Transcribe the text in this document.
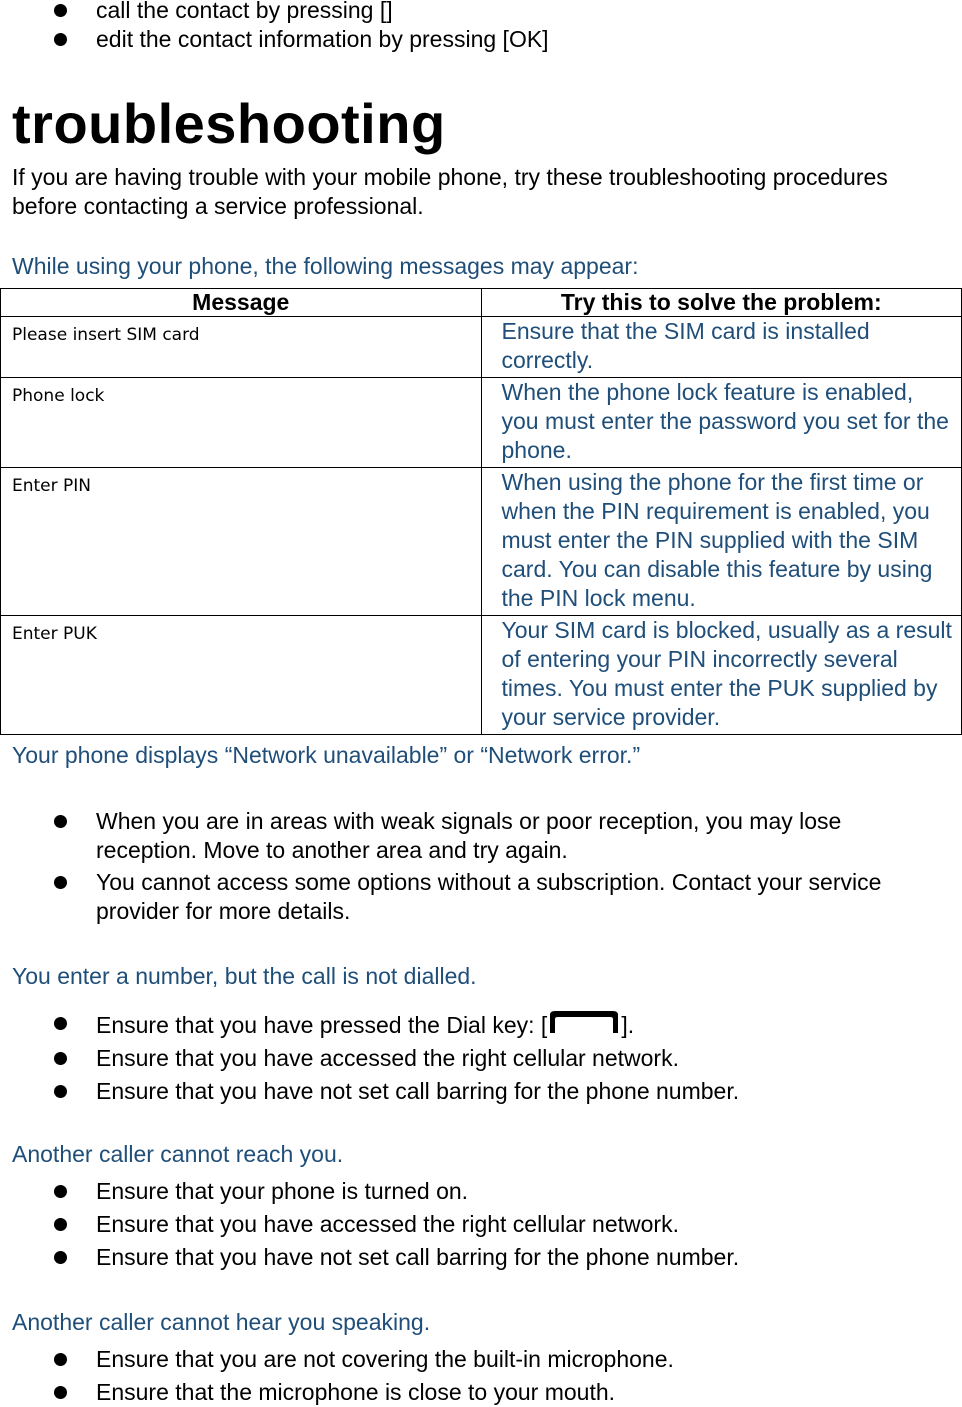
call the contact by pressing []
edit the contact information by pressing [OK]
troubleshooting
If you are having trouble with your mobile phone, try these troubleshooting procedures before contacting a service professional.
While using your phone, the following messages may appear:
Message	Try this to solve the problem:
Please insert SIM card	Ensure that the SIM card is installed correctly.
Phone lock	When the phone lock feature is enabled, you must enter the password you set for the phone.
Enter PIN	When using the phone for the first time or when the PIN requirement is enabled, you must enter the PIN supplied with the SIM card. You can disable this feature by using the PIN lock menu.
Enter PUK	Your SIM card is blocked, usually as a result of entering your PIN incorrectly several times. You must enter the PUK supplied by your service provider.
Your phone displays “Network unavailable” or “Network error.”
When you are in areas with weak signals or poor reception, you may lose reception. Move to another area and try again.
You cannot access some options without a subscription. Contact your service provider for more details.
You enter a number, but the call is not dialled.
Ensure that you have pressed the Dial key: [	].
Ensure that you have accessed the right cellular network.
Ensure that you have not set call barring for the phone number.
Another caller cannot reach you.
Ensure that your phone is turned on.
Ensure that you have accessed the right cellular network.
Ensure that you have not set call barring for the phone number.
Another caller cannot hear you speaking.
Ensure that you are not covering the built-in microphone.
Ensure that the microphone is close to your mouth.
